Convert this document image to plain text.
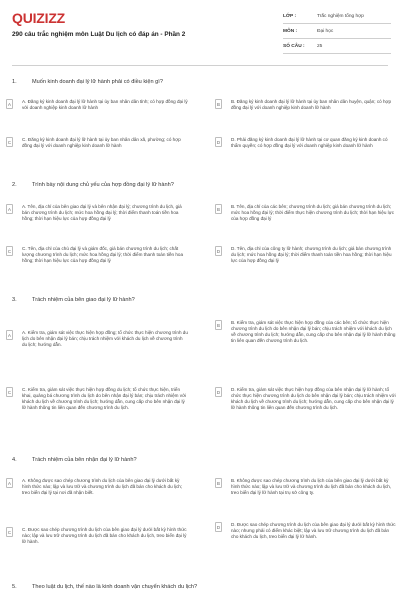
QUIZIZZ
290 câu trắc nghiệm môn Luật Du lịch có đáp án - Phần 2
LỚP :	Trắc nghiệm tổng hợp
MÔN :	Đại học
SỐ CÂU :	25
1.	Muốn kinh doanh đại lý lữ hành phải có điều kiện gì?
A
A. Đăng ký kinh doanh đại lý lữ hành tại ủy ban nhân dân tỉnh; có hợp đồng đại lý với doanh nghiệp kinh doanh lữ hành
B
B. Đăng ký kinh doanh đại lý lữ hành tại ủy ban nhân dân huyện, quận; có hợp đồng đại lý với doanh nghiệp kinh doanh lữ hành
C
C. Đăng ký kinh doanh đại lý lữ hành tại ủy ban nhân dân xã, phường; có hợp đồng đại lý với doanh nghiệp kinh doanh lữ hành
D
D. Phải đăng ký kinh doanh đại lý lữ hành tại cơ quan đăng ký kinh doanh có thẩm quyền; có hợp đồng đại lý với doanh nghiệp kinh doanh lữ hành
2.	Trình bày nội dung chủ yếu của hợp đồng đại lý lữ hành?
A
A. Tên, địa chỉ của bên giao đại lý và bên nhận đại lý; chương trình du lịch, giá bán chương trình du lịch; mức hoa hồng đại lý; thời điểm thanh toán tiền hoa hồng; thời hạn hiệu lực của hợp đồng đại lý
B
B. Tên, địa chỉ của các bên; chương trình du lịch; giá bán chương trình du lịch; mức hoa hồng đại lý; thời điểm thực hiện chương trình du lịch; thời hạn hiệu lực của hợp đồng đại lý
C
C. Tên, địa chỉ của chủ đại lý và giám đốc, giá bán chương trình du lịch; chất lượng chương trình du lịch; mức hoa hồng đại lý; thời điểm thanh toán tiền hoa hồng; thời hạn hiệu lực của hợp đồng đại lý
D
D. Tên, địa chỉ của công ty lữ hành; chương trình du lịch; giá bán chương trình du lịch; mức hoa hồng đại lý; thời điểm thanh toán tiền hoa hồng; thời hạn hiệu lực của hợp đồng đại lý
3.	Trách nhiệm của bên giao đại lý lữ hành?
A
A. Kiểm tra, giám sát việc thực hiện hợp đồng; tổ chức thực hiện chương trình du lịch do bên nhận đại lý bán; chịu trách nhiệm với khách du lịch về chương trình du lịch; hướng dẫn.
B
B. Kiểm tra, giám sát việc thực hiện hợp đồng của các bên; tổ chức thực hiện chương trình du lịch do bên nhận đại lý bán; chịu trách nhiệm với khách du lịch về chương trình du lịch; hướng dẫn, cung cấp cho bên nhận đại lý lữ hành thông tin liên quan đến chương trình du lịch.
C
C. Kiểm tra, giám sát việc thực hiện hợp đồng du lịch; tổ chức thực hiện, triển khai, quảng bá chương trình du lịch do bên nhận đại lý bán; chịu trách nhiệm với khách du lịch về chương trình du lịch; hướng dẫn, cung cấp cho bên nhận đại lý lữ hành thông tin liên quan đến chương trình du lịch.
D
D. Kiểm tra, giám sát việc thực hiện hợp đồng của bên nhận đại lý lữ hành; tổ chức thực hiện chương trình du lịch do bên nhận đại lý bán; chịu trách nhiệm với khách du lịch về chương trình du lịch; hướng dẫn, cung cấp cho bên nhận đại lý lữ hành thông tin liên quan đến chương trình du lịch.
4.	Trách nhiệm của bên nhận đại lý lữ hành?
A
A. Không được sao chép chương trình du lịch của bên giao đại lý dưới bất kỳ hình thức nào; lập và lưu trữ và chương trình du lịch đã bán cho khách du lịch; treo biển đại lý tại nơi đã nhận biết.
B
B. Không được sao chép chương trình du lịch của bên giao đại lý dưới bất kỳ hình thức nào; lập và lưu trữ và chương trình du lịch đã bán cho khách du lịch, treo biển đại lý lữ hành tại trụ sở công ty.
C
C. Được sao chép chương trình du lịch của bên giao đại lý dưới bất kỳ hình thức nào; lập và lưu trữ chương trình du lịch đã bán cho khách du lịch, treo biển đại lý lữ hành.
D
D. Được sao chép chương trình du lịch của bên giao đại lý dưới bất kỳ hình thức nào; nhưng phải có điểm khác biệt; lập và lưu trữ chương trình du lịch đã bán cho khách du lịch, treo biển đại lý lữ hành.
5.	Theo luật du lịch, thế nào là kinh doanh vận chuyển khách du lịch?
